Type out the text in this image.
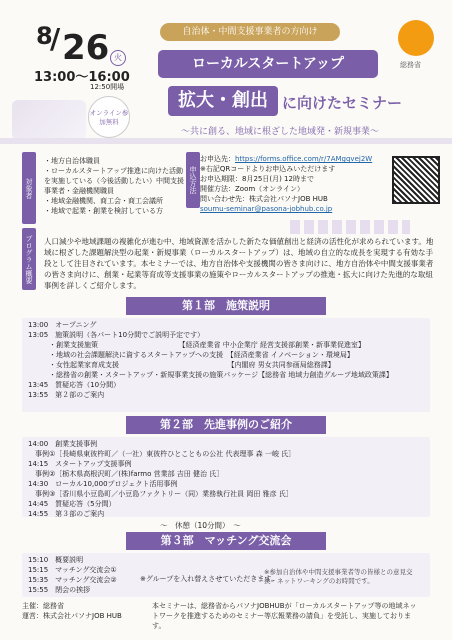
8
/ 26 火
13:00～16:00
12:50開場
オンライン参加無料
自治体・中間支援事業者の方向け
ローカルスタートアップ
拡大・創出 に向けたセミナー
～共に創る、地域に根ざした地域発・新規事業～
総務省
対象者
・地方自治体職員
・ローカルスタートアップ推進に向けた活動を実施している（今後活動したい）中間支援事業者・金融機関職員
・地域金融機関、商工会・商工会議所
・地域で起業・創業を検討している方
申込方法
お申込先：https://forms.office.com/r/7AMgqvej2W
※右記QRコードよりお申込みいただけます
お申込期限：8月25日(月) 12時まで
開催方法：Zoom（オンライン）
問い合わせ先：株式会社パソナJOB HUB
soumu-seminar@pasona-jobhub.co.jp
プログラム概要	人口減少や地域課題の複雑化が進む中、地域資源を活かした新たな価値創出と経済の活性化が求められています。地域に根ざした課題解決型の起業・新規事業（ローカルスタートアップ）は、地域の自立的な成長を実現する有効な手段として注目されています。本セミナーでは、地方自治体や支援機関の皆さま向けに、地方自治体や中間支援事業者の皆さま向けに、創業・起業等育成等支援事業の施策やローカルスタートアップの推進・拡大に向けた先進的な取組事例を詳しくご紹介します。
第１部　施策説明
13:00　オープニング
13:05　施策説明（各パート10分間でご説明予定です）
　　　・創業支援施策　　　　　　　　　　　　【経済産業省 中小企業庁 経営支援部創業・新事業促進室】
　　　・地域の社会課題解決に資するスタートアップへの支援　【経済産業省 イノベーション・環境局】
　　　・女性起業家育成支援　　　　　　　　　　　　　　　　【内閣府 男女共同参画局総務課】
　　　・総務省の創業・スタートアップ・新規事業支援の施策パッケージ【総務省 地域力創造グループ地域政策課】
13:45　質疑応答（10分間）
13:55　第２部のご案内
第２部　先進事例のご紹介
14:00　創業支援事例
　事例①［長崎県東彼杵町／（一社）東彼杵ひとこともの公社 代表理事 森 一峻 氏］
14:15　スタートアップ支援事例
　事例②［栃木県高根沢町／(株)farmo 営業部 吉田 健治 氏］
14:30　ローカル10,000プロジェクト活用事例
　事例③［香川県小豆島町／小豆島ファクトリー（同）業務執行社員 岡田 雅彦 氏］
14:45　質疑応答（5分間）
14:55　第３部のご案内
～　休憩（10分間）　～
第３部　マッチング交流会
15:10　概要説明
15:15　マッチング交流会①
15:35　マッチング交流会②
15:55　閉会の挨拶
※グループを入れ替えさせていただきます。
※参加自治体や中間支援事業者等の皆様との意見交換・ネットワーキングのお時間です。
主催：総務省
運営：株式会社パソナJOB HUB
本セミナーは、総務省からパソナJOBHUBが「ローカルスタートアップ等の地域ネットワークを推進するためのセミナー等広報業務の請負」を受託し、実施しております。
